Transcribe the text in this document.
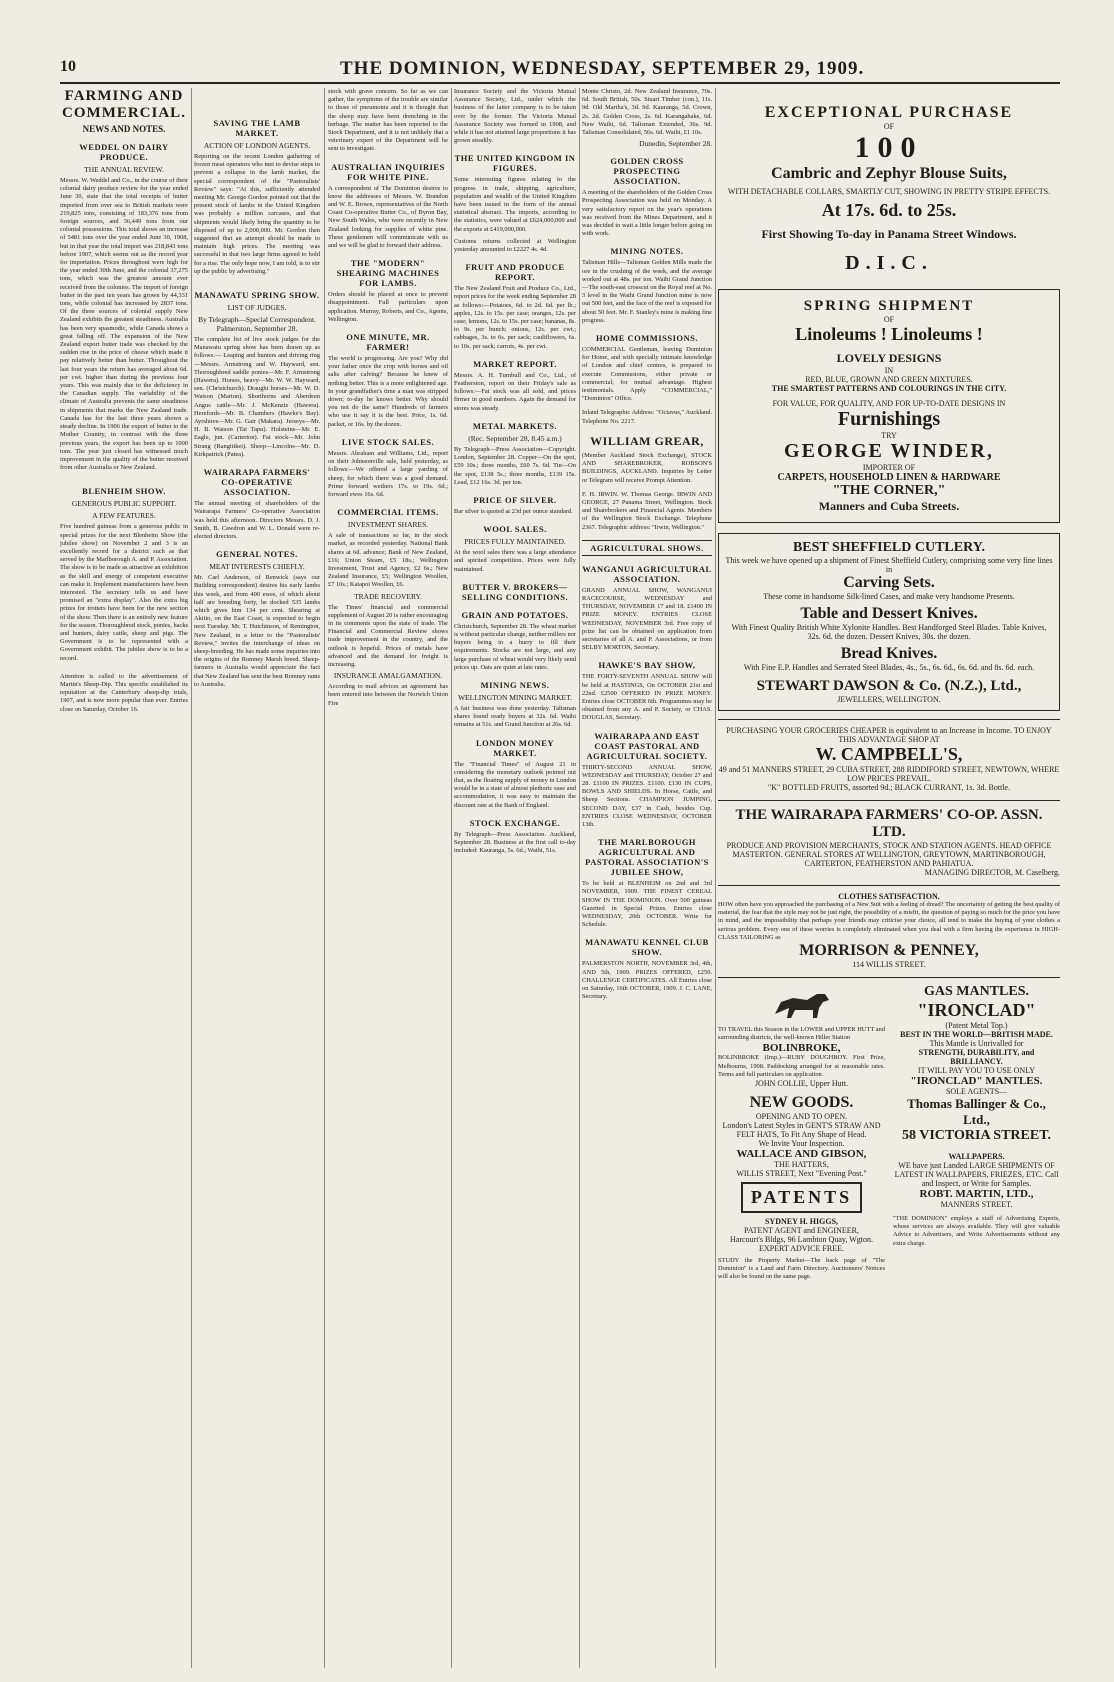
10	THE DOMINION, WEDNESDAY, SEPTEMBER 29, 1909.
FARMING AND COMMERCIAL.
NEWS AND NOTES.
WEDDEL ON DAIRY PRODUCE.
THE ANNUAL REVIEW.
Messrs. W. Weddel and Co., in the course of their colonial dairy produce review for the year ended June 30, state that the total receipts of butter imported from over sea to British markets were 219,825 tons, consisting of 183,376 tons from foreign sources, and 36,449 tons from our colonial possessions. This total shows an increase of 5481 tons over the year ended June 30, 1908, but in that year the total import was 218,843 tons before 1907, which seems out as the record year for importation. Prices throughout were high for the year ended 30th June, and the colonial 37,275 tons, which was the greatest amount ever received from the colonies. The import of foreign butter in the past ten years has grown by 44,331 tons, while colonial has increased by 2837 tons. Of the three sources of colonial supply New Zealand exhibits the greatest steadiness. Australia has been very spasmodic, while Canada shows a great falling off. The expansion of the New Zealand export butter trade was checked by the sudden rise in the price of cheese which made it pay relatively better than butter. Throughout the last four years the return has averaged about 6d. per cwt. higher than during the previous four years. This was mainly due to the deficiency in the Canadian supply. The variability of the climate of Australia prevents the same steadiness in shipments that marks the New Zealand trade. Canada has for the last three years shown a steady decline. In 1906 the export of butter to the Mother Country, in contrast with the three previous years, the export has been up to 1000 tons. The year just closed has witnessed much improvement in the quality of the butter received from other Australia or New Zealand.
BLENHEIM SHOW.
GENEROUS PUBLIC SUPPORT.
A FEW FEATURES.
Five hundred guineas from a generous public in special prizes for the next Blenheim Show (the jubilee show) on November 2 and 3 is an excellently record for a district such as that served by the Marlborough A. and P. Association. The show is to be made as attractive an exhibition as the skill and energy of competent executive can make it. Implement manufacturers have been interested. The secretary tells us and have promised an "extra display". Also the extra big prizes for trotters have been for the new section of the show. Then there is an entirely new feature for the season. Thoroughbred stock, ponies, hacks and hunters, dairy cattle, sheep and pigs. The Government is to be represented with a Government exhibit. The jubilee show is to be a record.
Attention is called to the advertisement of Martin's Sheep-Dip. This specific established its reputation at the Canterbury sheep-dip trials, 1907, and is now more popular than ever. Entries close on Saturday, October 16.
SAVING THE LAMB MARKET.
ACTION OF LONDON AGENTS.
Reporting on the recent London gathering of frozen meat operators who met to devise steps to prevent a collapse in the lamb market, the special correspondent of the "Pastoralists' Review" says: "At this, sufficiently attended meeting Mr. George Gordon pointed out that the present stock of lambs in the United Kingdom was probably a million carcases, and that shipments would likely bring the quantity to be disposed of up to 2,000,000. Mr. Gordon then suggested that an attempt should be made to maintain high prices. The meeting was successful in that two large firms agreed to hold for a rise. The only hope now, I am told, is to stir up the public by advertising."
MANAWATU SPRING SHOW.
LIST OF JUDGES.
By Telegraph—Special Correspondent. Palmerston, September 28.
The complete list of live stock judges for the Manawatu spring show has been drawn up as follows:— Leaping and hunters and driving ring—Messrs. Armstrong and W. Hayward, sen. Thoroughbred saddle ponies—Mr. F. Armstrong (Hawera). Horses, heavy—Mr. W. W. Hayward, sen. (Christchurch). Draught horses—Mr. W. D. Watson (Marton). Shorthorns and Aberdeen Angus cattle—Mr. J. McKenzie (Hawera). Herefords—Mr. B. Chambers (Hawke's Bay). Ayrshires—Mr. G. Gair (Makara). Jerseys—Mr. H. B. Watson (Tai Tapu). Holsteins—Mr. E. Eagle, jun. (Carterton). Fat stock—Mr. John Strang (Rangitikei). Sheep—Lincolns—Mr. D. Kirkpatrick (Patea).
WAIRARAPA FARMERS' CO-OPERATIVE ASSOCIATION.
The annual meeting of shareholders of the Wairarapa Farmers' Co-operative Association was held this afternoon. Directors Messrs. D. J. Smith, B. Cawdron and W. L. Donald were re-elected directors.
GENERAL NOTES.
MEAT INTERESTS CHIEFLY.
Mr. Carl Anderson, of Renwick (says our Building correspondent) desires his early lambs this week, and from 400 ewes, of which about half are breeding forty, he docked 535 lambs which gives him 134 per cent. Shearing at Akitio, on the East Coast, is expected to begin next Tuesday. Mr. T. Hutchinson, of Remington, New Zealand, in a letter to the "Pastoralists' Review," invites the interchange of ideas on sheep-breeding. He has made some inquiries into the origins of the Romney Marsh breed. Sheep-farmers in Australia would appreciate the fact that New Zealand has sent the best Romney rams to Australia.
stock with grave concern. So far as we can gather, the symptoms of the trouble are similar to those of pneumonia and it is thought that the sheep may have been drenching in the herbage. The matter has been reported to the Stock Department, and it is not unlikely that a veterinary expert of the Department will be sent to investigate.
AUSTRALIAN INQUIRIES FOR WHITE PINE.
A correspondent of The Dominion desires to know the addresses of Messrs. W. Brandon and W. E. Brown, representatives of the North Coast Co-operative Butter Co., of Byron Bay, New South Wales, who were recently in New Zealand looking for supplies of white pine. These gentlemen will communicate with us and we will be glad to forward their address.
THE "MODERN" SHEARING MACHINES FOR LAMBS.
Orders should be placed at once to prevent disappointment. Full particulars upon application. Murray, Roberts, and Co., Agents, Wellington.
ONE MINUTE, MR. FARMER!
The world is progressing. Are you? Why did your father once the crop with horses and oil salts after calving? Because he knew of nothing better. This is a more enlightened age. In your grandfather's time a man was stripped down; to-day he knows better. Why should you not do the same? Hundreds of farmers who use it say it is the best. Price, 1s. 6d. packet, or 16s. by the dozen.
LIVE STOCK SALES.
Messrs. Abraham and Williams, Ltd., report on their Johnsonville sale, held yesterday, as follows:—We offered a large yarding of sheep, for which there was a good demand. Prime forward wethers 17s. to 19s. 6d.; forward ewes 16s. 6d.
COMMERCIAL ITEMS.
INVESTMENT SHARES.
A sale of transactions so far, in the stock market, as recorded yesterday. National Bank shares at 6d. advance; Bank of New Zealand, £16; Union Steam, £5 18s.; Wellington Investment, Trust and Agency, £2 6s.; New Zealand Insurance, £5; Wellington Woollen, £7 10s.; Kaiapoi Woollen, £6.
TRADE RECOVERY.
The Times' financial and commercial supplement of August 20 is rather encouraging in its comments upon the state of trade. The Financial and Commercial Review shows trade improvement in the country, and the outlook is hopeful. Prices of metals have advanced and the demand for freight is increasing.
INSURANCE AMALGAMATION.
According to mail advices an agreement has been entered into between the Norwich Union Fire
Insurance Society and the Victoria Mutual Assurance Society, Ltd., under which the business of the latter company is to be taken over by the former. The Victoria Mutual Assurance Society was formed in 1908, and while it has not attained large proportions it has grown steadily.
THE UNITED KINGDOM IN FIGURES.
Some interesting figures relating to the progress in trade, shipping, agriculture, population and wealth of the United Kingdom have been issued in the form of the annual statistical abstract. The imports, according to the statistics, were valued at £624,000,000 and the exports at £419,000,000.
Customs returns collected at Wellington yesterday amounted to £2227 4s. 4d.
FRUIT AND PRODUCE REPORT.
The New Zealand Fruit and Produce Co., Ltd., report prices for the week ending September 28 as follows:—Potatoes, 6d. to 2d. 6d. per lb.; apples, 12s. to 15s. per case; oranges, 12s. per case; lemons, 12s. to 15s. per case; bananas, 8s. to 9s. per bunch; onions, 12s. per cwt.; cabbages, 3s. to 6s. per sack; cauliflowers, 6s. to 10s. per sack; carrots, 4s. per cwt.
MARKET REPORT.
Messrs. A. H. Turnbull and Co., Ltd., of Featherston, report on their Friday's sale as follows:—Fat stock was all sold, and prices firmer in good numbers. Again the demand for stores was steady.
METAL MARKETS.
(Rec. September 28, 8.45 a.m.)
By Telegraph—Press Association—Copyright. London, September 28. Copper—On the spot, £59 10s.; three months, £60 7s. 6d. Tin—On the spot, £138 5s.; three months, £139 15s. Lead, £12 16s. 3d. per ton.
PRICE OF SILVER.
Bar silver is quoted at 23d per ounce standard.
WOOL SALES.
PRICES FULLY MAINTAINED.
At the wool sales there was a large attendance and spirited competition. Prices were fully maintained.
BUTTER V. BROKERS—SELLING CONDITIONS.
GRAIN AND POTATOES.
Christchurch, September 28. The wheat market is without particular change, neither millers nor buyers being in a hurry to fill their requirements. Stocks are not large, and any large purchase of wheat would very likely send prices up. Oats are quiet at late rates.
MINING NEWS.
WELLINGTON MINING MARKET.
A fair business was done yesterday. Talisman shares found ready buyers at 32s. 6d. Waihi remains at 51s. and Grand Junction at 26s. 6d.
LONDON MONEY MARKET.
The "Financial Times" of August 21 in considering the monetary outlook pointed out that, as the floating supply of money in London would be in a state of almost plethoric ease and accommodation, it was easy to maintain the discount rate at the Bank of England.
STOCK EXCHANGE.
By Telegraph—Press Association. Auckland, September 28. Business at the first call to-day included: Kauranga, 5s. 6d.; Waihi, 51s.
Monte Christo, 2d. New Zealand Insurance, 70s. 6d. South British, 50s. Stuart Timber (con.), 11s. 9d. Old Martha's, 3d. 9d. Kauranga, 5d. Crown, 2s. 2d. Golden Cross, 2s. 6d. Karangahake, 6d. New Waihi, 6d. Talisman Extended, 36s. 9d. Talisman Consolidated, 56s. 6d. Waihi, £1 10s.
Dunedin, September 28.
GOLDEN CROSS PROSPECTING ASSOCIATION.
A meeting of the shareholders of the Golden Cross Prospecting Association was held on Monday. A very satisfactory report on the year's operations was received from the Mines Department, and it was decided to wait a little longer before going on with work.
MINING NOTES.
Talisman Hills—Talisman Golden Mills made the ore in the crushing of the week, and the average worked out at 48s. per ton. Waihi Grand Junction—The south-east crosscut on the Royal reef at No. 3 level in the Waihi Grand Junction mine is now out 500 feet, and the face of the reef is exposed for about 50 feet. Mr. F. Stanley's mine is making fine progress.
HOME COMMISSIONS.
COMMERCIAL Gentleman, leaving Dominion for Home, and with specially intimate knowledge of London and chief centres, is prepared to execute Commissions, either private or commercial; for mutual advantage. Highest testimonials. Apply "COMMERCIAL," "Dominion" Office.
Inland Telegraphic Address: "Octavus," Auckland. Telephone No. 2217.
WILLIAM GREAR,
(Member Auckland Stock Exchange), STOCK AND SHAREBROKER, ROBSON'S BUILDINGS, AUCKLAND. Inquiries by Letter or Telegram will receive Prompt Attention.
F. H. IRWIN. W. Thomas George. IRWIN AND GEORGE, 27 Panama Street, Wellington. Stock and Sharebrokers and Financial Agents. Members of the Wellington Stock Exchange. Telephone 2367. Telegraphic address: "Irwin, Wellington."
AGRICULTURAL SHOWS.
WANGANUI AGRICULTURAL ASSOCIATION.
GRAND ANNUAL SHOW, WANGANUI RACECOURSE, WEDNESDAY and THURSDAY, NOVEMBER 17 and 18. £1400 IN PRIZE MONEY. ENTRIES CLOSE WEDNESDAY, NOVEMBER 3rd. Free copy of prize list can be obtained on application from secretaries of all A. and P. Associations, or from SELBY MORTON, Secretary.
HAWKE'S BAY SHOW,
THE FORTY-SEVENTH ANNUAL SHOW will be held at HASTINGS, On OCTOBER 21st and 22nd. £2500 OFFERED IN PRIZE MONEY. Entries close OCTOBER 6th. Programmes may be obtained from any A. and P. Society, or CHAS. DOUGLAS, Secretary.
WAIRARAPA AND EAST COAST PASTORAL AND AGRICULTURAL SOCIETY.
THIRTY-SECOND ANNUAL SHOW, WEDNESDAY and THURSDAY, October 27 and 28. £1100 IN PRIZES. £1100. £130 IN CUPS, BOWLS AND SHIELDS. In Horse, Cattle, and Sheep Sections. CHAMPION JUMPING, SECOND DAY, £37 in Cash, besides Cup. ENTRIES CLOSE WEDNESDAY, OCTOBER 13th.
THE MARLBOROUGH AGRICULTURAL AND PASTORAL ASSOCIATION'S JUBILEE SHOW,
To be held at BLENHEIM on 2nd and 3rd NOVEMBER, 1909. THE FINEST CEREAL SHOW IN THE DOMINION. Over 500 guineas Gazetted in Special Prizes. Entries close WEDNESDAY, 20th OCTOBER. Write for Schedule.
MANAWATU KENNEL CLUB SHOW.
PALMERSTON NORTH, NOVEMBER 3rd, 4th, AND 5th, 1909. PRIZES OFFERED, £250. CHALLENGE CERTIFICATES. All Entries close on Saturday, 16th OCTOBER, 1909. J. C. LANE, Secretary.
EXCEPTIONAL PURCHASE
OF
100
Cambric and Zephyr Blouse Suits,
WITH DETACHABLE COLLARS, SMARTLY CUT, SHOWING IN PRETTY STRIPE EFFECTS.
At 17s. 6d. to 25s.
First Showing To-day in Panama Street Windows.
D.I.C.
SPRING SHIPMENT
OF
Linoleums ! Linoleums !
LOVELY DESIGNS
IN
RED, BLUE, GROWN AND GREEN MIXTURES.
THE SMARTEST PATTERNS AND COLOURINGS IN THE CITY.
FOR VALUE, FOR QUALITY, AND FOR UP-TO-DATE DESIGNS IN
Furnishings
TRY
GEORGE WINDER,
IMPORTER OF
CARPETS, HOUSEHOLD LINEN & HARDWARE
"THE CORNER,"
Manners and Cuba Streets.
BEST SHEFFIELD CUTLERY.
This week we have opened up a shipment of Finest Sheffield Cutlery, comprising some very fine lines in
Carving Sets.
These come in handsome Silk-lined Cases, and make very handsome Presents.
Table and Dessert Knives.
With Finest Quality British White Xylonite Handles. Best Handforged Steel Blades. Table Knives, 32s. 6d. the dozen. Dessert Knives, 30s. the dozen.
Bread Knives.
With Fine E.P. Handles and Serrated Steel Blades, 4s., 5s., 6s. 6d., 6s. 6d. and 8s. 6d. each.
STEWART DAWSON & Co. (N.Z.), Ltd.,
JEWELLERS, WELLINGTON.
PURCHASING YOUR GROCERIES CHEAPER is equivalent to an Increase in Income. TO ENJOY THIS ADVANTAGE SHOP AT
W. CAMPBELL'S,
49 and 51 MANNERS STREET, 29 CUBA STREET, 288 RIDDIFORD STREET, NEWTOWN, WHERE LOW PRICES PREVAIL.
"K" BOTTLED FRUITS, assorted 9d.; BLACK CURRANT, 1s. 3d. Bottle.
THE WAIRARAPA FARMERS' CO-OP. ASSN. LTD.
PRODUCE AND PROVISION MERCHANTS, STOCK AND STATION AGENTS. HEAD OFFICE MASTERTON. GENERAL STORES AT WELLINGTON, GREYTOWN, MARTINBOROUGH, CARTERTON, FEATHERSTON AND PAHIATUA.
MANAGING DIRECTOR, M. Caselberg.
CLOTHES SATISFACTION.
HOW often have you approached the purchasing of a New Suit with a feeling of dread? The uncertainty of getting the best quality of material, the fear that the style may not be just right, the possibility of a misfit, the question of paying so much for the price you have in mind, and the impossibility that perhaps your friends may criticise your choice, all tend to make the buying of your clothes a serious problem. Every one of these worries is completely eliminated when you deal with a firm having the experience in HIGH-CLASS TAILORING as
MORRISON & PENNEY,
114 WILLIS STREET.
TO TRAVEL this Season in the LOWER and UPPER HUTT and surrounding districts, the well-known Hiller Station
BOLINBROKE,
BOLINBROKE (Imp.)—RUBY DOUGHBOY. First Prize, Melbourne, 1908. Paddocking arranged for at reasonable rates. Terms and full particulars on application.
JOHN COLLIE, Upper Hutt.
NEW GOODS.
OPENING AND TO OPEN.
London's Latest Styles in GENT'S STRAW AND FELT HATS, To Fit Any Shape of Head.
We Invite Your Inspection.
WALLACE AND GIBSON,
THE HATTERS,
WILLIS STREET, Next "Evening Post."
PATENTS
SYDNEY H. HIGGS,
PATENT AGENT and ENGINEER,
Harcourt's Bldgs, 96 Lambton Quay, Wgton.
EXPERT ADVICE FREE.
STUDY the Property Market—The back page of "The Dominion" is a Land and Farm Directory. Auctioneers' Notices will also be found on the same page.
GAS MANTLES.
"IRONCLAD"
(Patent Metal Top.)
BEST IN THE WORLD—BRITISH MADE.
This Mantle is Unrivalled for
STRENGTH, DURABILITY, and BRILLIANCY.
IT WILL PAY YOU TO USE ONLY
"IRONCLAD" MANTLES.
SOLE AGENTS—
Thomas Ballinger & Co., Ltd.,
58 VICTORIA STREET.
WALLPAPERS.
WE have just Landed LARGE SHIPMENTS OF LATEST IN WALLPAPERS, FRIEZES, ETC. Call and Inspect, or Write for Samples.
ROBT. MARTIN, LTD.,
MANNERS STREET.
"THE DOMINION" employs a staff of Advertising Experts, whose services are always available. They will give valuable Advice to Advertisers, and Write Advertisements without any extra charge.
